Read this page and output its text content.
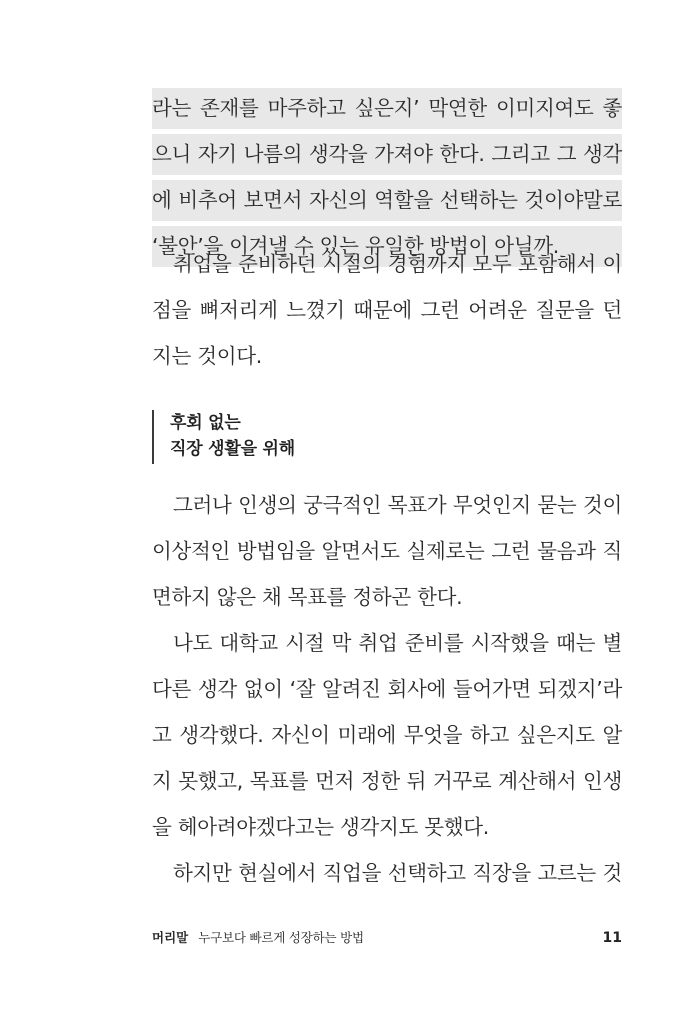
라는 존재를 마주하고 싶은지’ 막연한 이미지여도 좋
으니 자기 나름의 생각을 가져야 한다. 그리고 그 생각
에 비추어 보면서 자신의 역할을 선택하는 것이야말로
‘불안’을 이겨낼 수 있는 유일한 방법이 아닐까.
취업을 준비하던 시절의 경험까지 모두 포함해서 이
점을 뼈저리게 느꼈기 때문에 그런 어려운 질문을 던
지는 것이다.
후회 없는
직장 생활을 위해
그러나 인생의 궁극적인 목표가 무엇인지 묻는 것이
이상적인 방법임을 알면서도 실제로는 그런 물음과 직
면하지 않은 채 목표를 정하곤 한다.
나도 대학교 시절 막 취업 준비를 시작했을 때는 별
다른 생각 없이 ‘잘 알려진 회사에 들어가면 되겠지’라
고 생각했다. 자신이 미래에 무엇을 하고 싶은지도 알
지 못했고, 목표를 먼저 정한 뒤 거꾸로 계산해서 인생
을 헤아려야겠다고는 생각지도 못했다.
하지만 현실에서 직업을 선택하고 직장을 고르는 것
머리말 누구보다 빠르게 성장하는 방법	11
